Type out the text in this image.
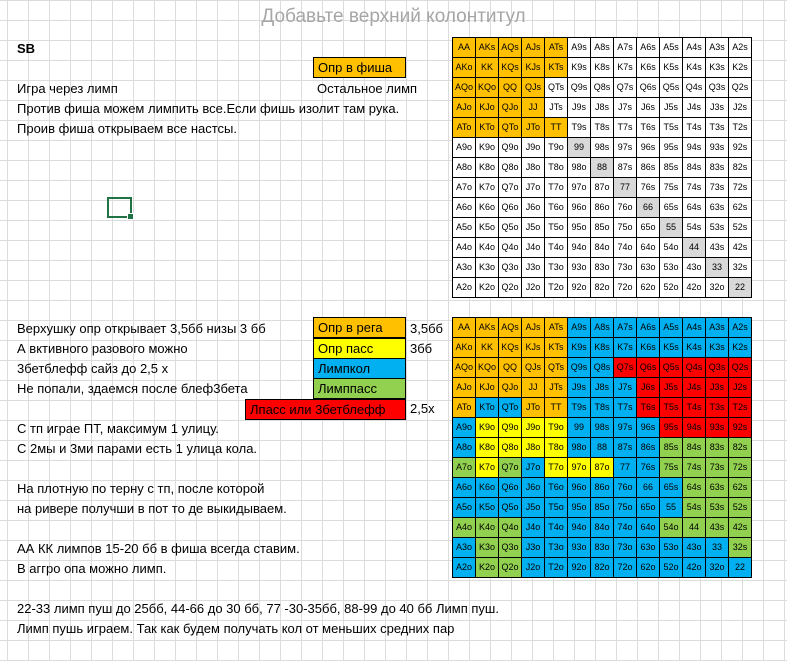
Добавьте верхний колонтитул
SB
Игра через лимп
Против фиша можем лимпить все.Если фишь изолит там рука.
Проив фиша открываем все настсы.
Опр в фиша
Остальное лимп
Верхушку опр открывает 3,5бб низы 3 бб
А вктивного разового можно
3бетблефф сайз до 2,5 х
Не попали, здаемся после блеф3бета
С тп играе ПТ, максимум 1 улицу.
С 2мы и 3ми парами есть 1 улица кола.
На плотную по терну с тп, после которой
на ривере получши в пот то де выкидываем.
АА КК лимпов 15-20 бб в фиша всегда ставим.
В аггро опа можно лимп.
Опр в рега	3,5бб
Опр пасс	3бб
Лимпкол
Лимппасс
Лпасс или 3бетблефф	2,5х
22-33 лимп пуш до 25бб, 44-66 до 30 бб, 77 -30-35бб, 88-99 до 40 бб Лимп пуш.
Лимп пушь играем. Так как будем получать кол от меньших средних пар
AA	AKs	AQs	AJs	ATs	A9s	A8s	A7s	A6s	A5s	A4s	A3s	A2s
AKo	KK	KQs	KJs	KTs	K9s	K8s	K7s	K6s	K5s	K4s	K3s	K2s
AQo	KQo	QQ	QJs	QTs	Q9s	Q8s	Q7s	Q6s	Q5s	Q4s	Q3s	Q2s
AJo	KJo	QJo	JJ	JTs	J9s	J8s	J7s	J6s	J5s	J4s	J3s	J2s
ATo	KTo	QTo	JTo	TT	T9s	T8s	T7s	T6s	T5s	T4s	T3s	T2s
A9o	K9o	Q9o	J9o	T9o	99	98s	97s	96s	95s	94s	93s	92s
A8o	K8o	Q8o	J8o	T8o	98o	88	87s	86s	85s	84s	83s	82s
A7o	K7o	Q7o	J7o	T7o	97o	87o	77	76s	75s	74s	73s	72s
A6o	K6o	Q6o	J6o	T6o	96o	86o	76o	66	65s	64s	63s	62s
A5o	K5o	Q5o	J5o	T5o	95o	85o	75o	65o	55	54s	53s	52s
A4o	K4o	Q4o	J4o	T4o	94o	84o	74o	64o	54o	44	43s	42s
A3o	K3o	Q3o	J3o	T3o	93o	83o	73o	63o	53o	43o	33	32s
A2o	K2o	Q2o	J2o	T2o	92o	82o	72o	62o	52o	42o	32o	22
AA	AKs	AQs	AJs	ATs	A9s	A8s	A7s	A6s	A5s	A4s	A3s	A2s
AKo	KK	KQs	KJs	KTs	K9s	K8s	K7s	K6s	K5s	K4s	K3s	K2s
AQo	KQo	QQ	QJs	QTs	Q9s	Q8s	Q7s	Q6s	Q5s	Q4s	Q3s	Q2s
AJo	KJo	QJo	JJ	JTs	J9s	J8s	J7s	J6s	J5s	J4s	J3s	J2s
ATo	KTo	QTo	JTo	TT	T9s	T8s	T7s	T6s	T5s	T4s	T3s	T2s
A9o	K9o	Q9o	J9o	T9o	99	98s	97s	96s	95s	94s	93s	92s
A8o	K8o	Q8o	J8o	T8o	98o	88	87s	86s	85s	84s	83s	82s
A7o	K7o	Q7o	J7o	T7o	97o	87o	77	76s	75s	74s	73s	72s
A6o	K6o	Q6o	J6o	T6o	96o	86o	76o	66	65s	64s	63s	62s
A5o	K5o	Q5o	J5o	T5o	95o	85o	75o	65o	55	54s	53s	52s
A4o	K4o	Q4o	J4o	T4o	94o	84o	74o	64o	54o	44	43s	42s
A3o	K3o	Q3o	J3o	T3o	93o	83o	73o	63o	53o	43o	33	32s
A2o	K2o	Q2o	J2o	T2o	92o	82o	72o	62o	52o	42o	32o	22
